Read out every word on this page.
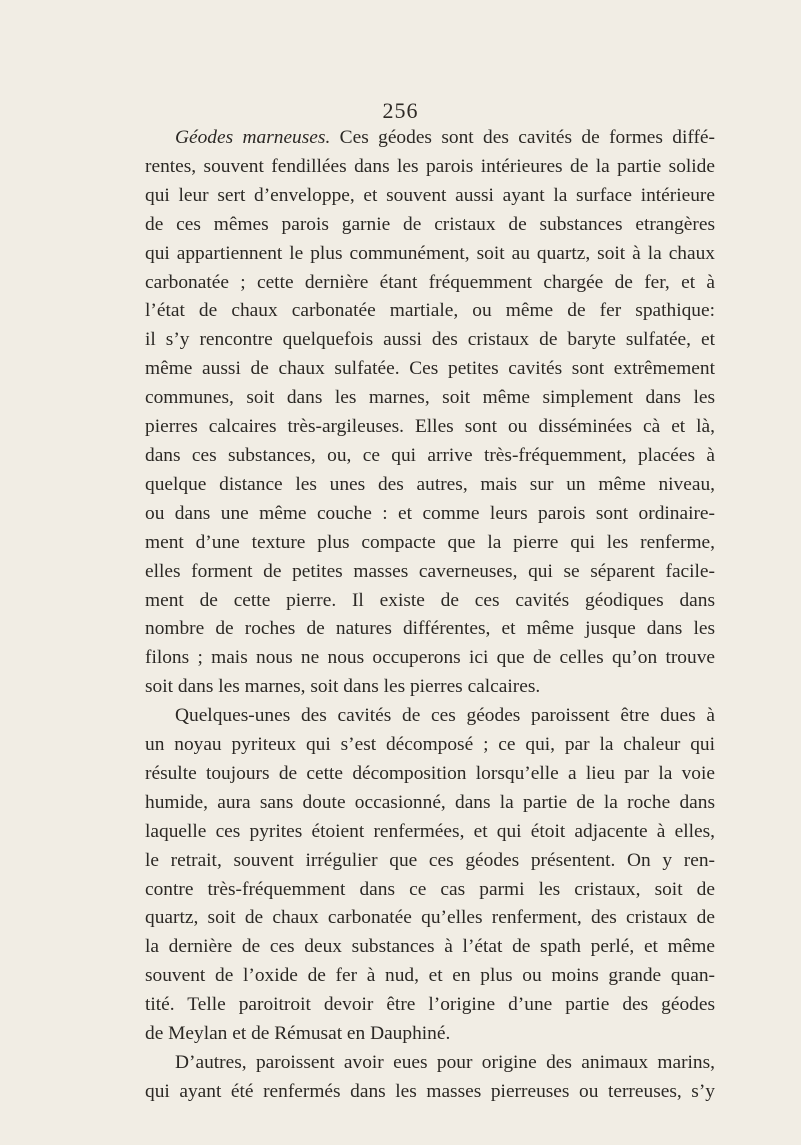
256
Géodes marneuses. Ces géodes sont des cavités de formes diffé-
rentes, souvent fendillées dans les parois intérieures de la partie solide
qui leur sert d’enveloppe, et souvent aussi ayant la surface intérieure
de ces mêmes parois garnie de cristaux de substances etrangères
qui appartiennent le plus communément, soit au quartz, soit à la chaux
carbonatée ; cette dernière étant fréquemment chargée de fer, et à
l’état de chaux carbonatée martiale, ou même de fer spathique:
il s’y rencontre quelquefois aussi des cristaux de baryte sulfatée, et
même aussi de chaux sulfatée. Ces petites cavités sont extrêmement
communes, soit dans les marnes, soit même simplement dans les
pierres calcaires très-argileuses. Elles sont ou disséminées cà et là,
dans ces substances, ou, ce qui arrive très-fréquemment, placées à
quelque distance les unes des autres, mais sur un même niveau,
ou dans une même couche : et comme leurs parois sont ordinaire-
ment d’une texture plus compacte que la pierre qui les renferme,
elles forment de petites masses caverneuses, qui se séparent facile-
ment de cette pierre. Il existe de ces cavités géodiques dans
nombre de roches de natures différentes, et même jusque dans les
filons ; mais nous ne nous occuperons ici que de celles qu’on trouve
soit dans les marnes, soit dans les pierres calcaires.
Quelques-unes des cavités de ces géodes paroissent être dues à
un noyau pyriteux qui s’est décomposé ; ce qui, par la chaleur qui
résulte toujours de cette décomposition lorsqu’elle a lieu par la voie
humide, aura sans doute occasionné, dans la partie de la roche dans
laquelle ces pyrites étoient renfermées, et qui étoit adjacente à elles,
le retrait, souvent irrégulier que ces géodes présentent. On y ren-
contre très-fréquemment dans ce cas parmi les cristaux, soit de
quartz, soit de chaux carbonatée qu’elles renferment, des cristaux de
la dernière de ces deux substances à l’état de spath perlé, et même
souvent de l’oxide de fer à nud, et en plus ou moins grande quan-
tité. Telle paroitroit devoir être l’origine d’une partie des géodes
de Meylan et de Rémusat en Dauphiné.
D’autres, paroissent avoir eues pour origine des animaux marins,
qui ayant été renfermés dans les masses pierreuses ou terreuses, s’y
